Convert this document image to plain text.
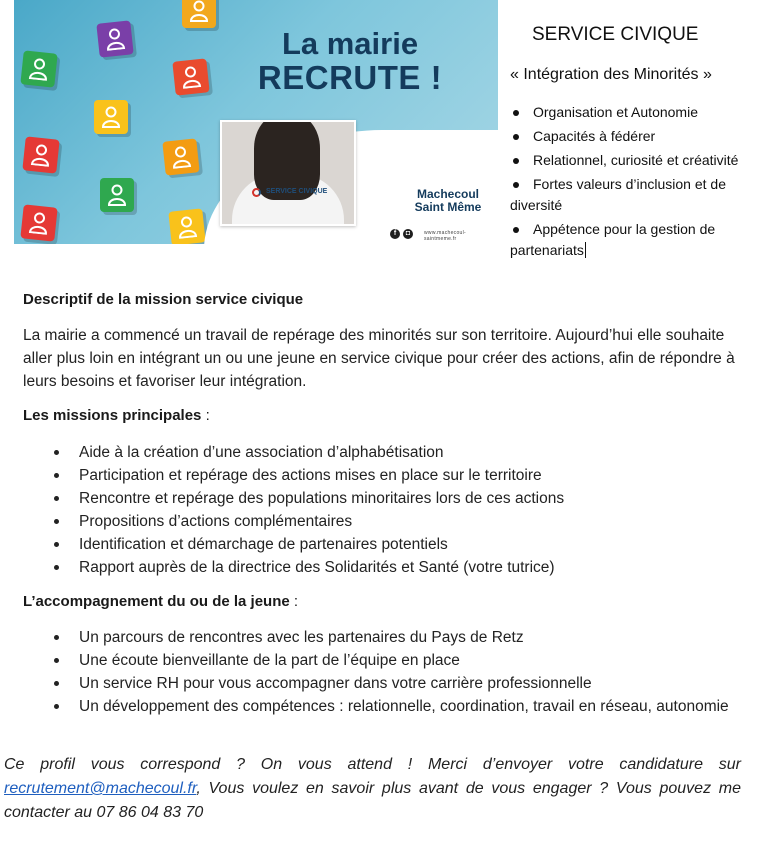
La mairie
RECRUTE !
SERVICE CIVIQUE	Machecoul
Saint Même
f	◘	www.machecoul-saintmeme.fr
SERVICE CIVIQUE
« Intégration des Minorités »
Organisation et Autonomie
Capacités à fédérer
Relationnel, curiosité et créativité
Fortes valeurs d’inclusion et de diversité
Appétence pour la gestion de partenariats
Descriptif de la mission service civique
La mairie a commencé un travail de repérage des minorités sur son territoire. Aujourd’hui elle souhaite aller plus loin en intégrant un ou une jeune en service civique pour créer des actions, afin de répondre à leurs besoins et favoriser leur intégration.
Les missions principales :
Aide à la création d’une association d’alphabétisation
Participation et repérage des actions mises en place sur le territoire
Rencontre et repérage des populations minoritaires lors de ces actions
Propositions d’actions complémentaires
Identification et démarchage de partenaires potentiels
Rapport auprès de la directrice des Solidarités et Santé (votre tutrice)
L’accompagnement du ou de la jeune :
Un parcours de rencontres avec les partenaires du Pays de Retz
Une écoute bienveillante de la part de l’équipe en place
Un service RH pour vous accompagner dans votre carrière professionnelle
Un développement des compétences : relationnelle, coordination, travail en réseau, autonomie
Ce profil vous correspond ? On vous attend ! Merci d’envoyer votre candidature sur recrutement@machecoul.fr, Vous voulez en savoir plus avant de vous engager ? Vous pouvez me contacter au 07 86 04 83 70
